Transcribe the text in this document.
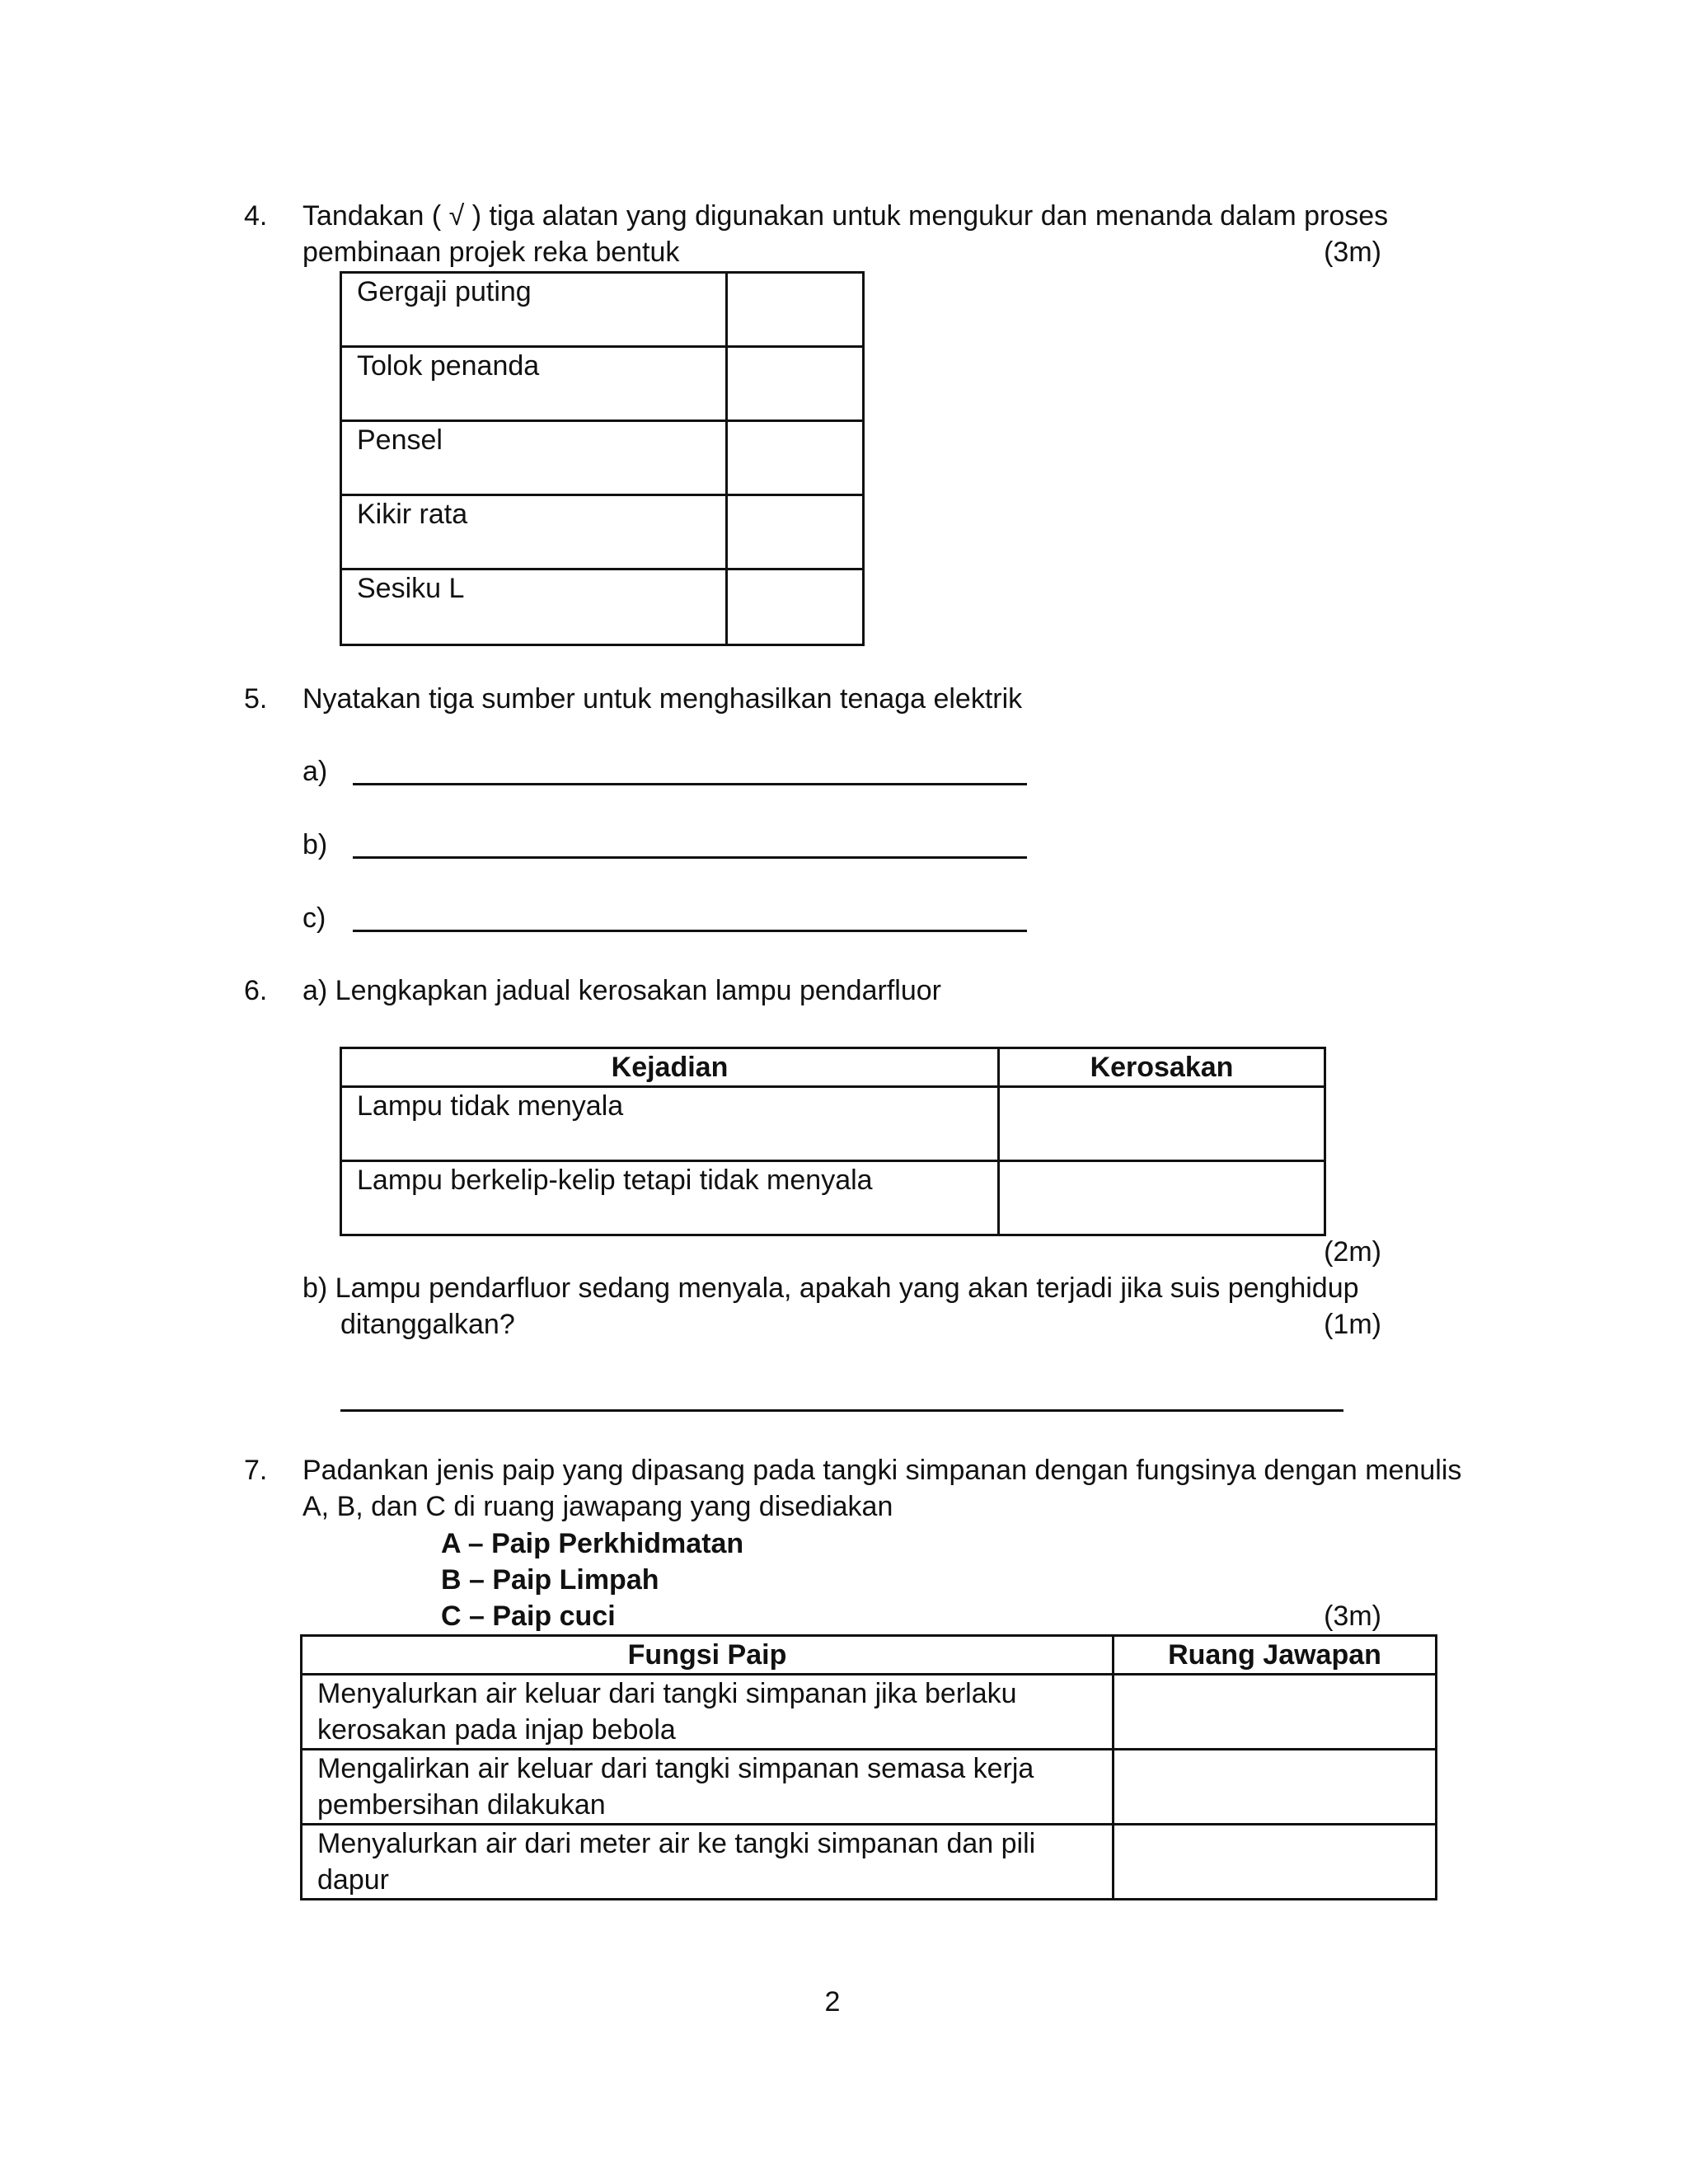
4.	Tandakan ( √ ) tiga alatan yang digunakan untuk mengukur dan menanda dalam proses
pembinaan projek reka bentuk	(3m)
Gergaji puting	
Tolok penanda	
Pensel	
Kikir rata	
Sesiku L	
5.	Nyatakan tiga sumber untuk menghasilkan tenaga elektrik
a)
b)
c)
6.	a) Lengkapkan jadual kerosakan lampu pendarfluor
Kejadian	Kerosakan
Lampu tidak menyala	
Lampu berkelip-kelip tetapi tidak menyala	
(2m)
b) Lampu pendarfluor sedang menyala, apakah yang akan terjadi jika suis penghidup
ditanggalkan?	(1m)
7.	Padankan jenis paip yang dipasang pada tangki simpanan dengan fungsinya dengan menulis
A, B, dan C di ruang jawapang yang disediakan
A – Paip Perkhidmatan
B – Paip Limpah
C – Paip cuci	(3m)
Fungsi Paip	Ruang Jawapan

Menyalurkan air keluar dari tangki simpanan jika berlaku
kerosakan pada injap bebola	

Mengalirkan air keluar dari tangki simpanan semasa kerja
pembersihan dilakukan	

Menyalurkan air dari meter air ke tangki simpanan dan pili
dapur	

2
